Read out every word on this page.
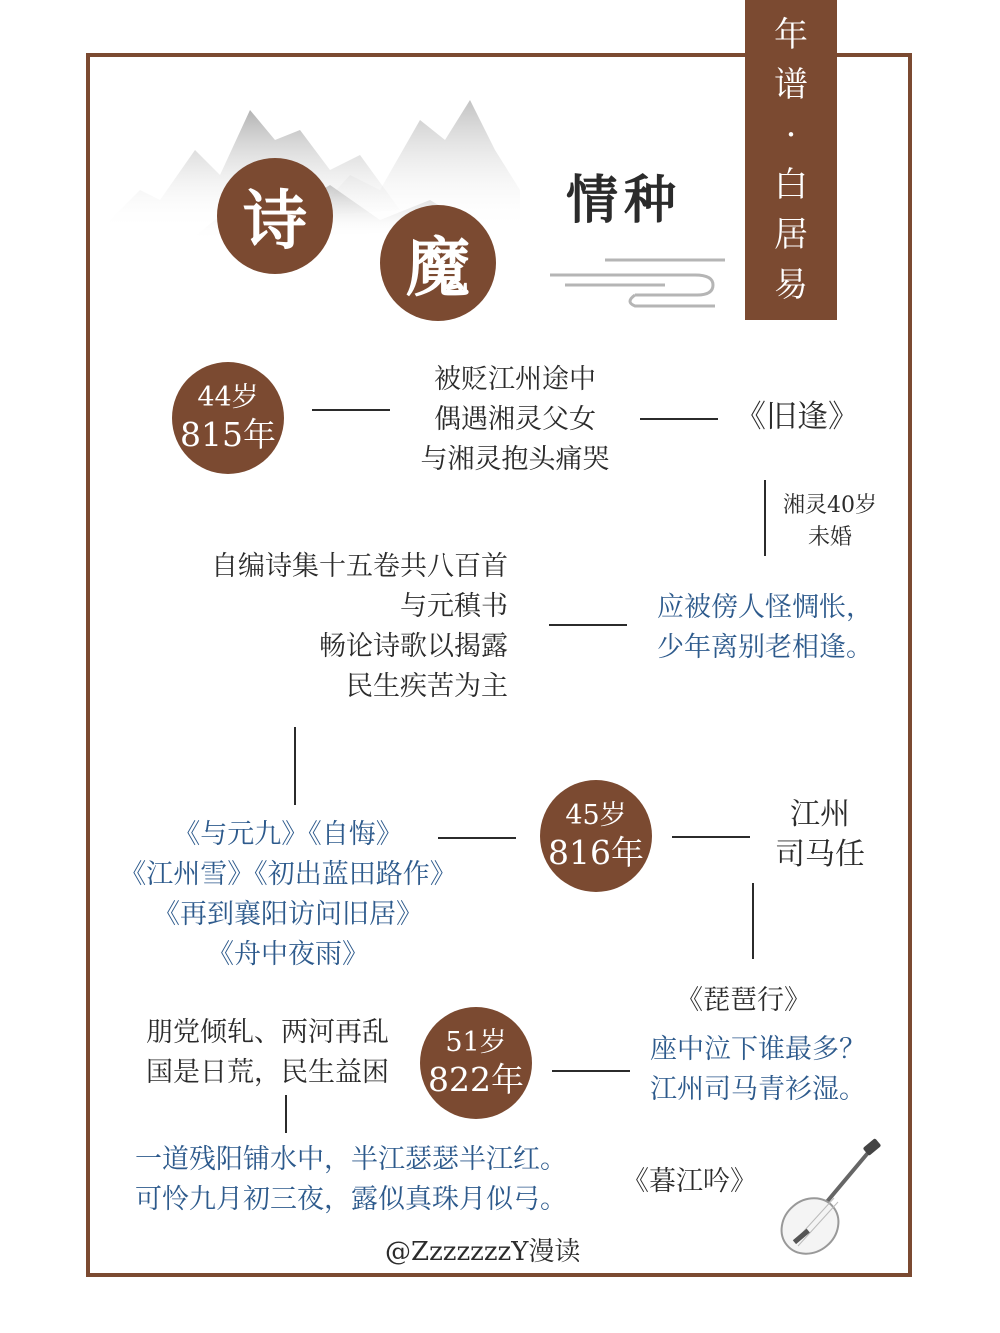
年
谱
·
白
居
易
诗
魔
情种
44岁
815年
被贬江州途中
偶遇湘灵父女
与湘灵抱头痛哭
《旧逢》
湘灵40岁
未婚
自编诗集十五卷共八百首
与元稹书
畅论诗歌以揭露
民生疾苦为主
应被傍人怪惆怅，
少年离别老相逢。
45岁
816年
《与元九》《自悔》
《江州雪》《初出蓝田路作》
《再到襄阳访问旧居》
《舟中夜雨》
江州
司马任
《琵琶行》
座中泣下谁最多？
江州司马青衫湿。
51岁
822年
朋党倾轧、两河再乱
国是日荒，民生益困
一道残阳铺水中，半江瑟瑟半江红。
可怜九月初三夜，露似真珠月似弓。
《暮江吟》
@ZzzzzzzY漫读
